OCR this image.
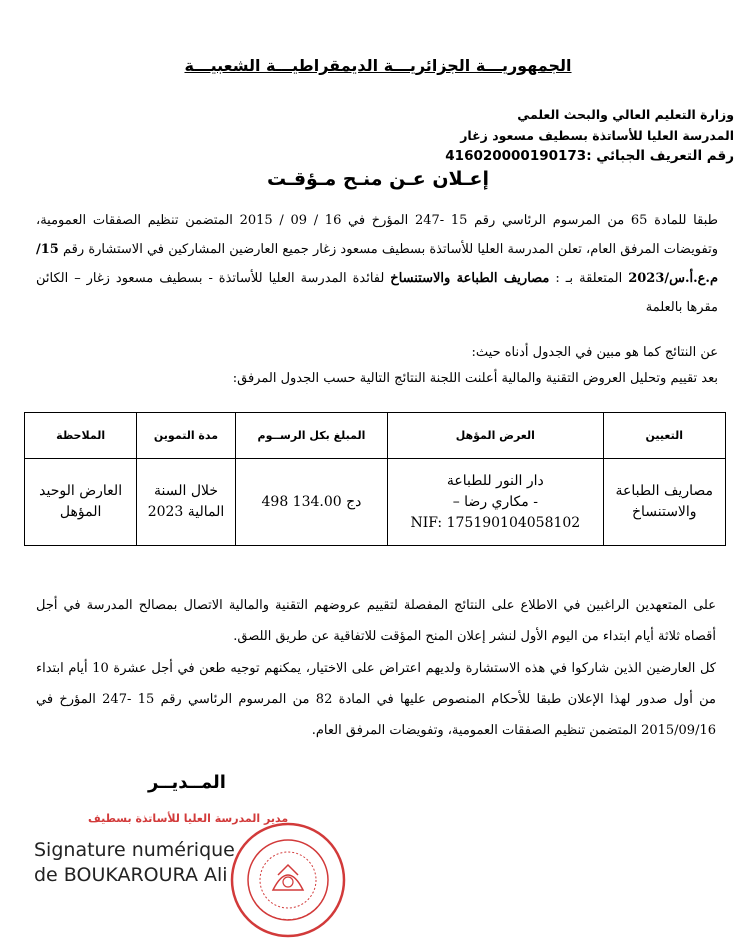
الجمهوريـــة الجزائريـــة الديمقراطيـــة الشعبيـــة
وزارة التعليم العالي والبحث العلمي
المدرسة العليا للأساتذة بسطيف مسعود زغار
رقم التعريف الجبائي :416020000190173
إعـلان عـن منـح مـؤقـت
طبقا للمادة 65 من المرسوم الرئاسي رقم 15 -247 المؤرخ في 16 / 09 / 2015 المتضمن تنظيم الصفقات العمومية، وتفويضات المرفق العام، تعلن المدرسة العليا للأساتذة بسطيف مسعود زغار جميع العارضين المشاركين في الاستشارة رقم 15/م.ع.أ.س/2023 المتعلقة بـ : مصاريف الطباعة والاستنساخ لفائدة المدرسة العليا للأساتذة - بسطيف مسعود زغار – الكائن مقرها بالعلمة
عن النتائج كما هو مبين في الجدول أدناه حيث:
بعد تقييم وتحليل العروض التقنية والمالية أعلنت اللجنة النتائج التالية حسب الجدول المرفق:
التعيين	العرض المؤهل	المبلغ بكل الرســوم	مدة التموين	الملاحظة
مصاريف الطباعة والاستنساخ	دار النور للطباعة
- مكاري رضا –
NIF: 175190104058102	498 134.00 دج	خلال السنة المالية 2023	العارض الوحيد المؤهل
على المتعهدين الراغبين في الاطلاع على النتائج المفصلة لتقييم عروضهم التقنية والمالية الاتصال بمصالح المدرسة في أجل أقصاه ثلاثة أيام ابتداء من اليوم الأول لنشر إعلان المنح المؤقت للاتفاقية عن طريق اللصق.
كل العارضين الذين شاركوا في هذه الاستشارة ولديهم اعتراض على الاختيار، يمكنهم توجيه طعن في أجل عشرة 10 أيام ابتداء من أول صدور لهذا الإعلان طبقا للأحكام المنصوص عليها في المادة 82 من المرسوم الرئاسي رقم 15 -247 المؤرخ في 2015/09/16 المتضمن تنظيم الصفقات العمومية، وتفويضات المرفق العام.
المــديــر
مدير المدرسة العليا للأساتذة بسطيف
Signature numérique
de BOUKAROURA Ali
